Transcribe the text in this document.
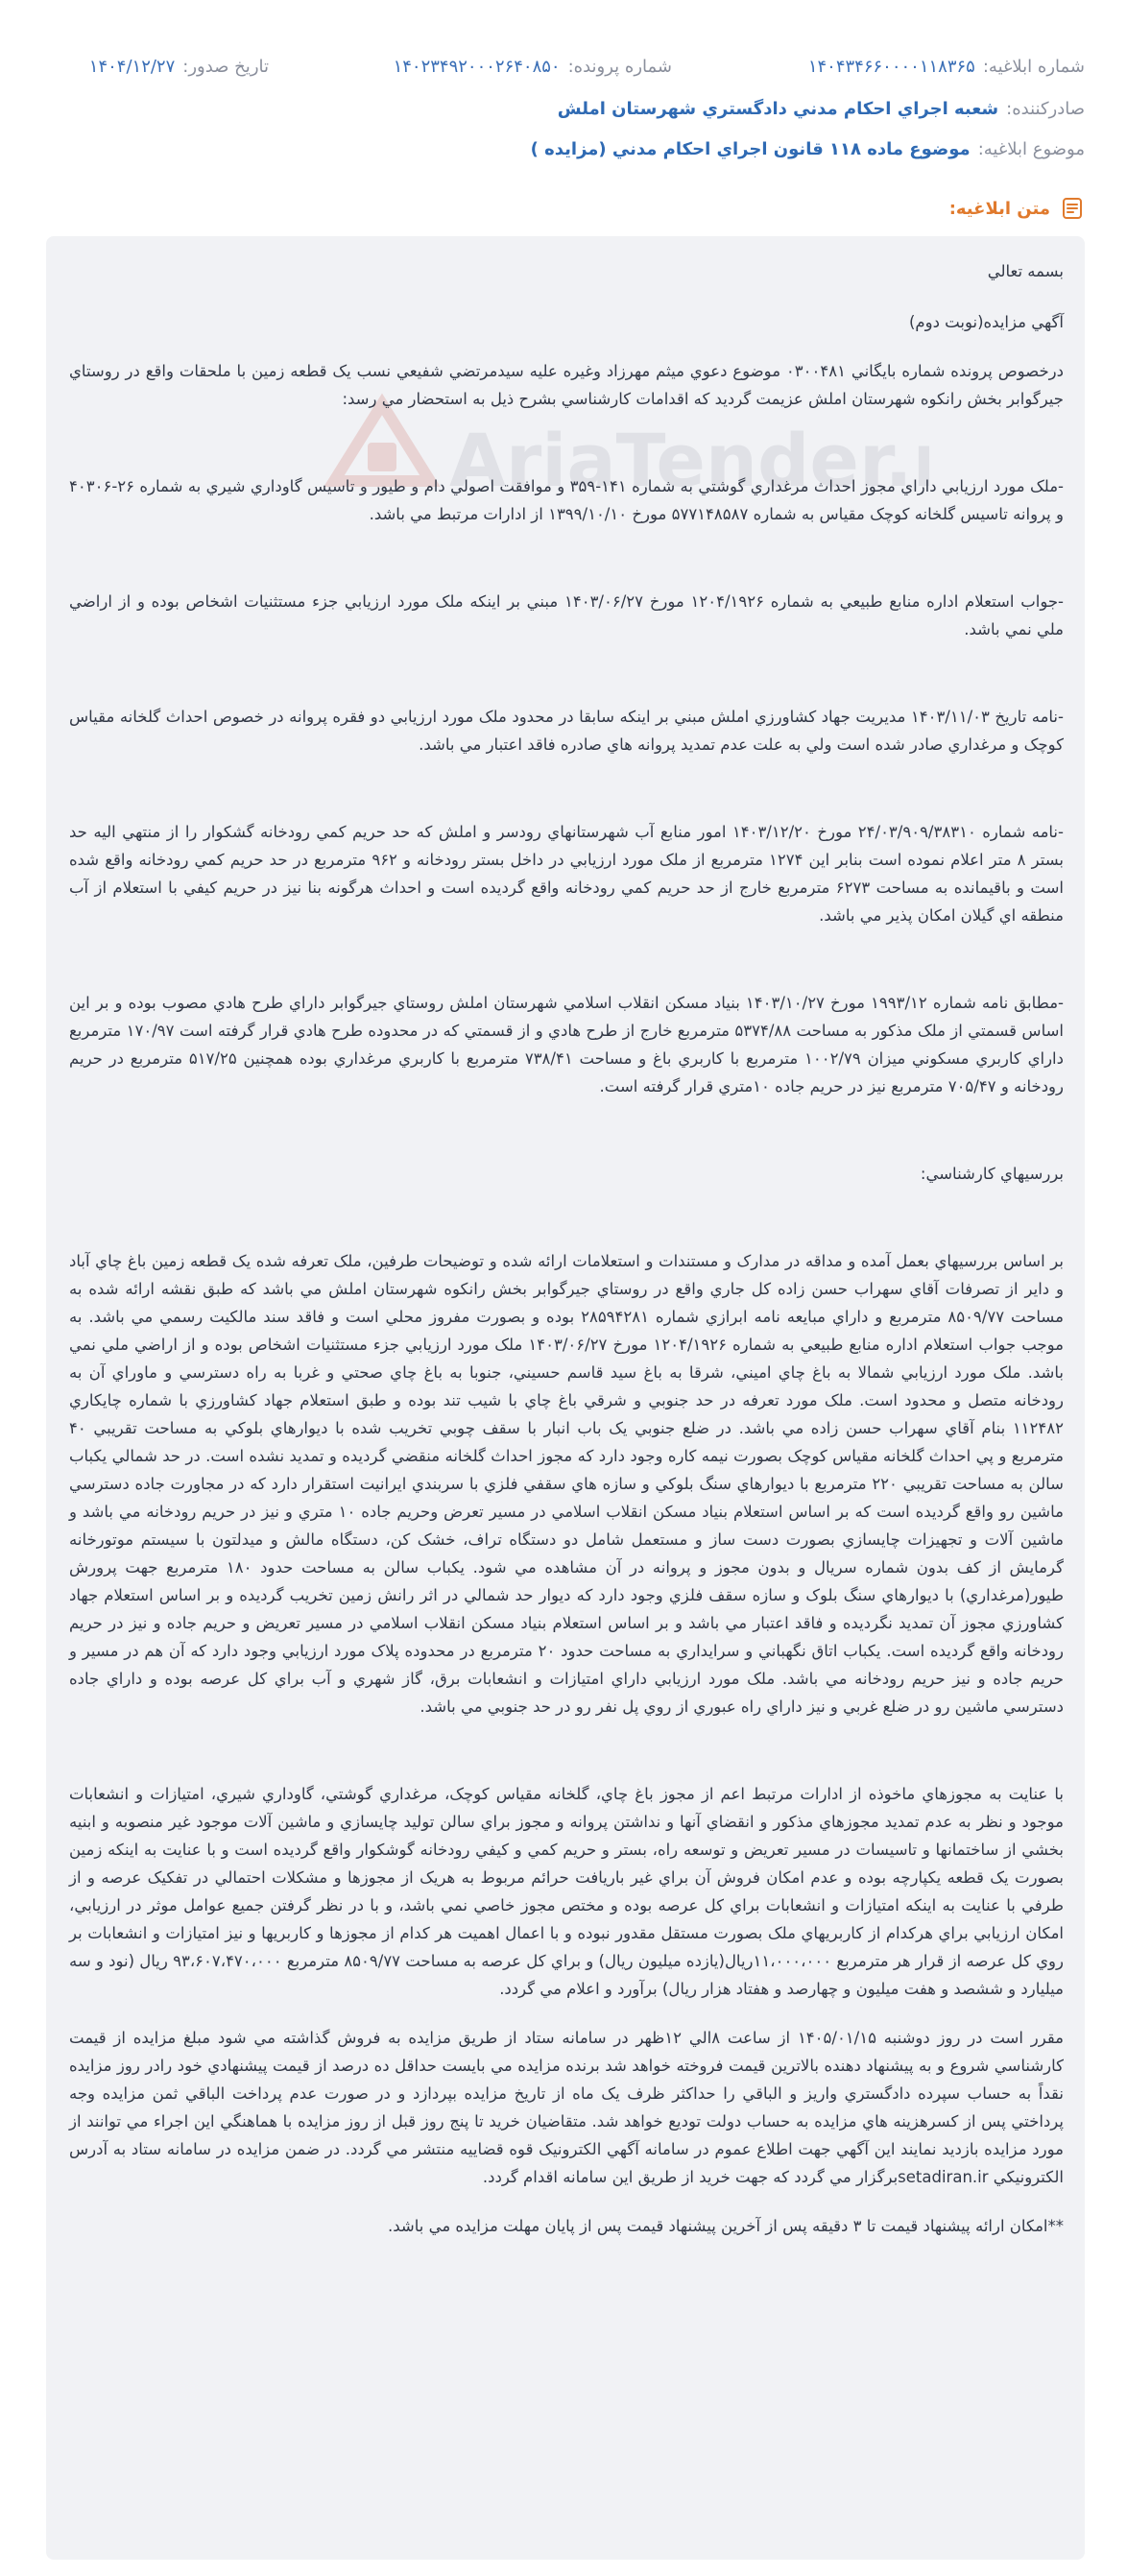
شماره ابلاغيه:
۱۴۰۴۳۴۶۶۰۰۰۰۱۱۸۳۶۵
شماره پرونده:
۱۴۰۲۳۴۹۲۰۰۰۲۶۴۰۸۵۰
تاريخ صدور:
۱۴۰۴/۱۲/۲۷
صادرکننده:
شعبه اجراي احکام مدني دادگستري شهرستان املش
موضوع ابلاغيه:
موضوع ماده ۱۱۸ قانون اجراي احکام مدني (مزايده )
متن ابلاغيه:
AriaTender.
بسمه تعالي
آگهي مزايده(نوبت دوم)
درخصوص پرونده شماره بايگاني ۰۳۰۰۴۸۱ موضوع دعوي ميثم مهرزاد وغيره عليه سيدمرتضي شفيعي نسب يک قطعه زمين با ملحقات واقع در روستاي جيرگوابر بخش رانکوه شهرستان املش عزيمت گرديد که اقدامات کارشناسي بشرح ذيل به استحضار مي رسد:
-ملک مورد ارزيابي داراي مجوز احداث مرغداري گوشتي به شماره ۱۴۱-۳۵۹ و موافقت اصولي دام و طيور و تاسيس گاوداري شيري به شماره ۲۶-۴۰۳۰۶ و پروانه تاسيس گلخانه کوچک مقياس به شماره ۵۷۷۱۴۸۵۸۷ مورخ ۱۳۹۹/۱۰/۱۰ از ادارات مرتبط مي باشد.
-جواب استعلام اداره منابع طبيعي به شماره ۱۲۰۴/۱۹۲۶ مورخ ۱۴۰۳/۰۶/۲۷ مبني بر اينکه ملک مورد ارزيابي جزء مستثنيات اشخاص بوده و از اراضي ملي نمي باشد.
-نامه تاريخ ۱۴۰۳/۱۱/۰۳ مديريت جهاد کشاورزي املش مبني بر اينکه سابقا در محدود ملک مورد ارزيابي دو فقره پروانه در خصوص احداث گلخانه مقياس کوچک و مرغداري صادر شده است ولي به علت عدم تمديد پروانه هاي صادره فاقد اعتبار مي باشد.
-نامه شماره ۲۴/۰۳/۹۰۹/۳۸۳۱۰ مورخ ۱۴۰۳/۱۲/۲۰ امور منابع آب شهرستانهاي رودسر و املش که حد حريم کمي رودخانه گشکوار را از منتهي اليه حد بستر ۸ متر اعلام نموده است بنابر اين ۱۲۷۴ مترمربع از ملک مورد ارزيابي در داخل بستر رودخانه و ۹۶۲ مترمربع در حد حريم کمي رودخانه واقع شده است و باقيمانده به مساحت ۶۲۷۳ مترمربع خارج از حد حريم کمي رودخانه واقع گرديده است و احداث هرگونه بنا نيز در حريم کيفي با استعلام از آب منطقه اي گيلان امکان پذير مي باشد.
-مطابق نامه شماره ۱۹۹۳/۱۲ مورخ ۱۴۰۳/۱۰/۲۷ بنياد مسکن انقلاب اسلامي شهرستان املش روستاي جيرگوابر داراي طرح هادي مصوب بوده و بر اين اساس قسمتي از ملک مذکور به مساحت ۵۳۷۴/۸۸ مترمربع خارج از طرح هادي و از قسمتي که در محدوده طرح هادي قرار گرفته است ۱۷۰/۹۷ مترمربع داراي کاربري مسکوني ميزان ۱۰۰۲/۷۹ مترمربع با کاربري باغ و مساحت ۷۳۸/۴۱ مترمربع با کاربري مرغداري بوده همچنين ۵۱۷/۲۵ مترمربع در حريم رودخانه و ۷۰۵/۴۷ مترمربع نيز در حريم جاده ۱۰متري قرار گرفته است.
بررسيهاي کارشناسي:
بر اساس بررسيهاي بعمل آمده و مداقه در مدارک و مستندات و استعلامات ارائه شده و توضيحات طرفين، ملک تعرفه شده يک قطعه زمين باغ چاي آباد و داير از تصرفات آقاي سهراب حسن زاده کل جاري واقع در روستاي جيرگوابر بخش رانکوه شهرستان املش مي باشد که طبق نقشه ارائه شده به مساحت ۸۵۰۹/۷۷ مترمربع و داراي مبايعه نامه ابرازي شماره ۲۸۵۹۴۲۸۱ بوده و بصورت مفروز محلي است و فاقد سند مالکيت رسمي مي باشد. به موجب جواب استعلام اداره منابع طبيعي به شماره ۱۲۰۴/۱۹۲۶ مورخ ۱۴۰۳/۰۶/۲۷ ملک مورد ارزيابي جزء مستثنيات اشخاص بوده و از اراضي ملي نمي باشد. ملک مورد ارزيابي شمالا به باغ چاي اميني، شرقا به باغ سيد قاسم حسيني، جنوبا به باغ چاي صحتي و غربا به راه دسترسي و ماوراي آن به رودخانه متصل و محدود است. ملک مورد تعرفه در حد جنوبي و شرقي باغ چاي با شيب تند بوده و طبق استعلام جهاد کشاورزي با شماره چايکاري ۱۱۲۴۸۲ بنام آقاي سهراب حسن زاده مي باشد. در ضلع جنوبي يک باب انبار با سقف چوبي تخريب شده با ديوارهاي بلوکي به مساحت تقريبي ۴۰ مترمربع و پي احداث گلخانه مقياس کوچک بصورت نيمه کاره وجود دارد که مجوز احداث گلخانه منقضي گرديده و تمديد نشده است. در حد شمالي يکباب سالن به مساحت تقريبي ۲۲۰ مترمربع با ديوارهاي سنگ بلوکي و سازه هاي سقفي فلزي با سربندي ايرانيت استقرار دارد که در مجاورت جاده دسترسي ماشين رو واقع گرديده است که بر اساس استعلام بنياد مسکن انقلاب اسلامي در مسير تعرض وحريم جاده ۱۰ متري و نيز در حريم رودخانه مي باشد و ماشين آلات و تجهيزات چايسازي بصورت دست ساز و مستعمل شامل دو دستگاه تراف، خشک کن، دستگاه مالش و ميدلتون با سيستم موتورخانه گرمايش از کف بدون شماره سريال و بدون مجوز و پروانه در آن مشاهده مي شود. يکباب سالن به مساحت حدود ۱۸۰ مترمربع جهت پرورش طيور(مرغداري) با ديوارهاي سنگ بلوک و سازه سقف فلزي وجود دارد که ديوار حد شمالي در اثر رانش زمين تخريب گرديده و بر اساس استعلام جهاد کشاورزي مجوز آن تمديد نگرديده و فاقد اعتبار مي باشد و بر اساس استعلام بنياد مسکن انقلاب اسلامي در مسير تعريض و حريم جاده و نيز در حريم رودخانه واقع گرديده است. يکباب اتاق نگهباني و سرايداري به مساحت حدود ۲۰ مترمربع در محدوده پلاک مورد ارزيابي وجود دارد که آن هم در مسير و حريم جاده و نيز حريم رودخانه مي باشد. ملک مورد ارزيابي داراي امتيازات و انشعابات برق، گاز شهري و آب براي کل عرصه بوده و داراي جاده دسترسي ماشين رو در ضلع غربي و نيز داراي راه عبوري از روي پل نفر رو در حد جنوبي مي باشد.
با عنايت به مجوزهاي ماخوذه از ادارات مرتبط اعم از مجوز باغ چاي، گلخانه مقياس کوچک، مرغداري گوشتي، گاوداري شيري، امتيازات و انشعابات موجود و نظر به عدم تمديد مجوزهاي مذکور و انقضاي آنها و نداشتن پروانه و مجوز براي سالن توليد چايسازي و ماشين آلات موجود غير منصوبه و ابنيه بخشي از ساختمانها و تاسيسات در مسير تعريض و توسعه راه، بستر و حريم کمي و کيفي رودخانه گوشکوار واقع گرديده است و با عنايت به اينکه زمين بصورت يک قطعه يکپارچه بوده و عدم امکان فروش آن براي غير باريافت حرائم مربوط به هريک از مجوزها و مشکلات احتمالي در تفکيک عرصه و از طرفي با عنايت به اينکه امتيازات و انشعابات براي کل عرصه بوده و مختص مجوز خاصي نمي باشد، و با در نظر گرفتن جميع عوامل موثر در ارزيابي، امکان ارزيابي براي هرکدام از کاربريهاي ملک بصورت مستقل مقدور نبوده و با اعمال اهميت هر کدام از مجوزها و کاربريها و نيز امتيازات و انشعابات بر روي کل عرصه از قرار هر مترمربع ۱۱،۰۰۰،۰۰۰ريال(يازده ميليون ريال) و براي کل عرصه به مساحت ۸۵۰۹/۷۷ مترمربع ۹۳،۶۰۷،۴۷۰،۰۰۰ ريال (نود و سه ميليارد و ششصد و هفت ميليون و چهارصد و هفتاد هزار ريال) برآورد و اعلام مي گردد.
مقرر است در روز دوشنبه ۱۴۰۵/۰۱/۱۵ از ساعت ۸الي ۱۲ظهر در سامانه ستاد از طريق مزايده به فروش گذاشته مي شود مبلغ مزايده از قيمت کارشناسي شروع و به پيشنهاد دهنده بالاترين قيمت فروخته خواهد شد برنده مزايده مي بايست حداقل ده درصد از قيمت پيشنهادي خود رادر روز مزايده نقداً به حساب سپرده دادگستري واريز و الباقي را حداکثر ظرف يک ماه از تاريخ مزايده بپردازد و در صورت عدم پرداخت الباقي ثمن مزايده وجه پرداختي پس از کسرهزينه هاي مزايده به حساب دولت توديع خواهد شد. متقاضيان خريد تا پنج روز قبل از روز مزايده با هماهنگي اين اجراء مي توانند از مورد مزايده بازديد نمايند اين آگهي جهت اطلاع عموم در سامانه آگهي الکترونيک قوه قضاييه منتشر مي گردد. در ضمن مزايده در سامانه ستاد به آدرس الکترونيکي setadiran.irبرگزار مي گردد که جهت خريد از طريق اين سامانه اقدام گردد.
**امکان ارائه پيشنهاد قيمت تا ۳ دقيقه پس از آخرين پيشنهاد قيمت پس از پايان مهلت مزايده مي باشد.
